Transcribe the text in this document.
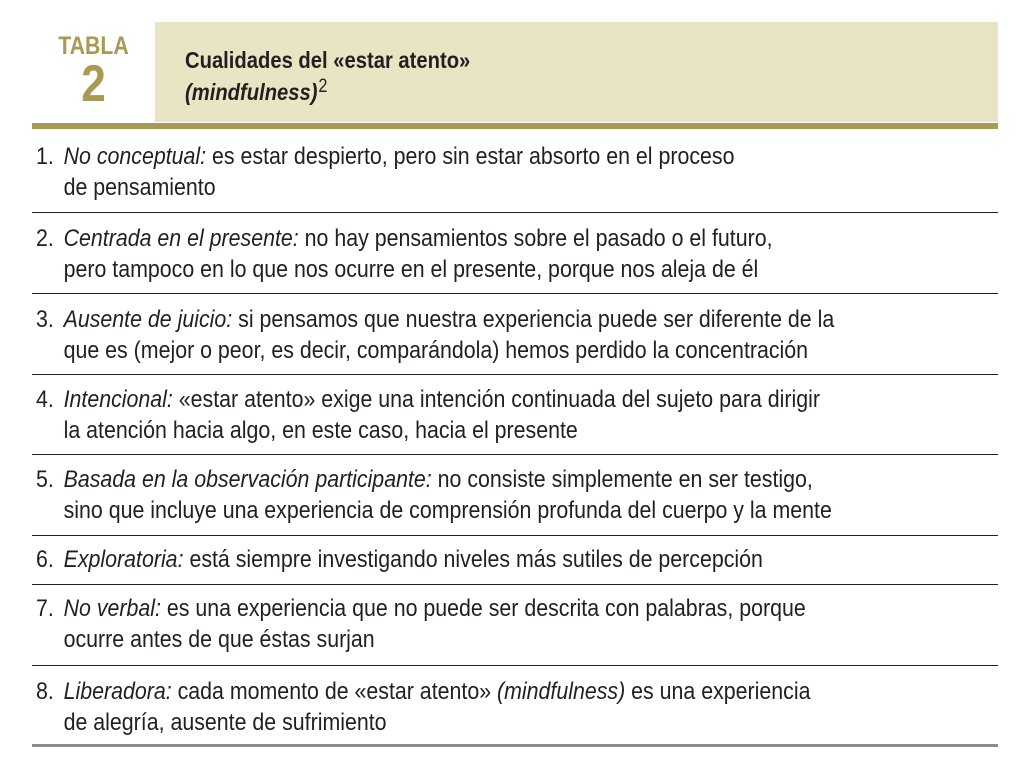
TABLA
2	Cualidades del «estar atento»
(mindfulness)$^2$
1. No conceptual: es estar despierto, pero sin estar absorto en el proceso
de pensamiento
2. Centrada en el presente: no hay pensamientos sobre el pasado o el futuro,
pero tampoco en lo que nos ocurre en el presente, porque nos aleja de él
3. Ausente de juicio: si pensamos que nuestra experiencia puede ser diferente de la
que es (mejor o peor, es decir, comparándola) hemos perdido la concentración
4. Intencional: «estar atento» exige una intención continuada del sujeto para dirigir
la atención hacia algo, en este caso, hacia el presente
5. Basada en la observación participante: no consiste simplemente en ser testigo,
sino que incluye una experiencia de comprensión profunda del cuerpo y la mente
6. Exploratoria: está siempre investigando niveles más sutiles de percepción
7. No verbal: es una experiencia que no puede ser descrita con palabras, porque
ocurre antes de que éstas surjan
8. Liberadora: cada momento de «estar atento» (mindfulness) es una experiencia
de alegría, ausente de sufrimiento
